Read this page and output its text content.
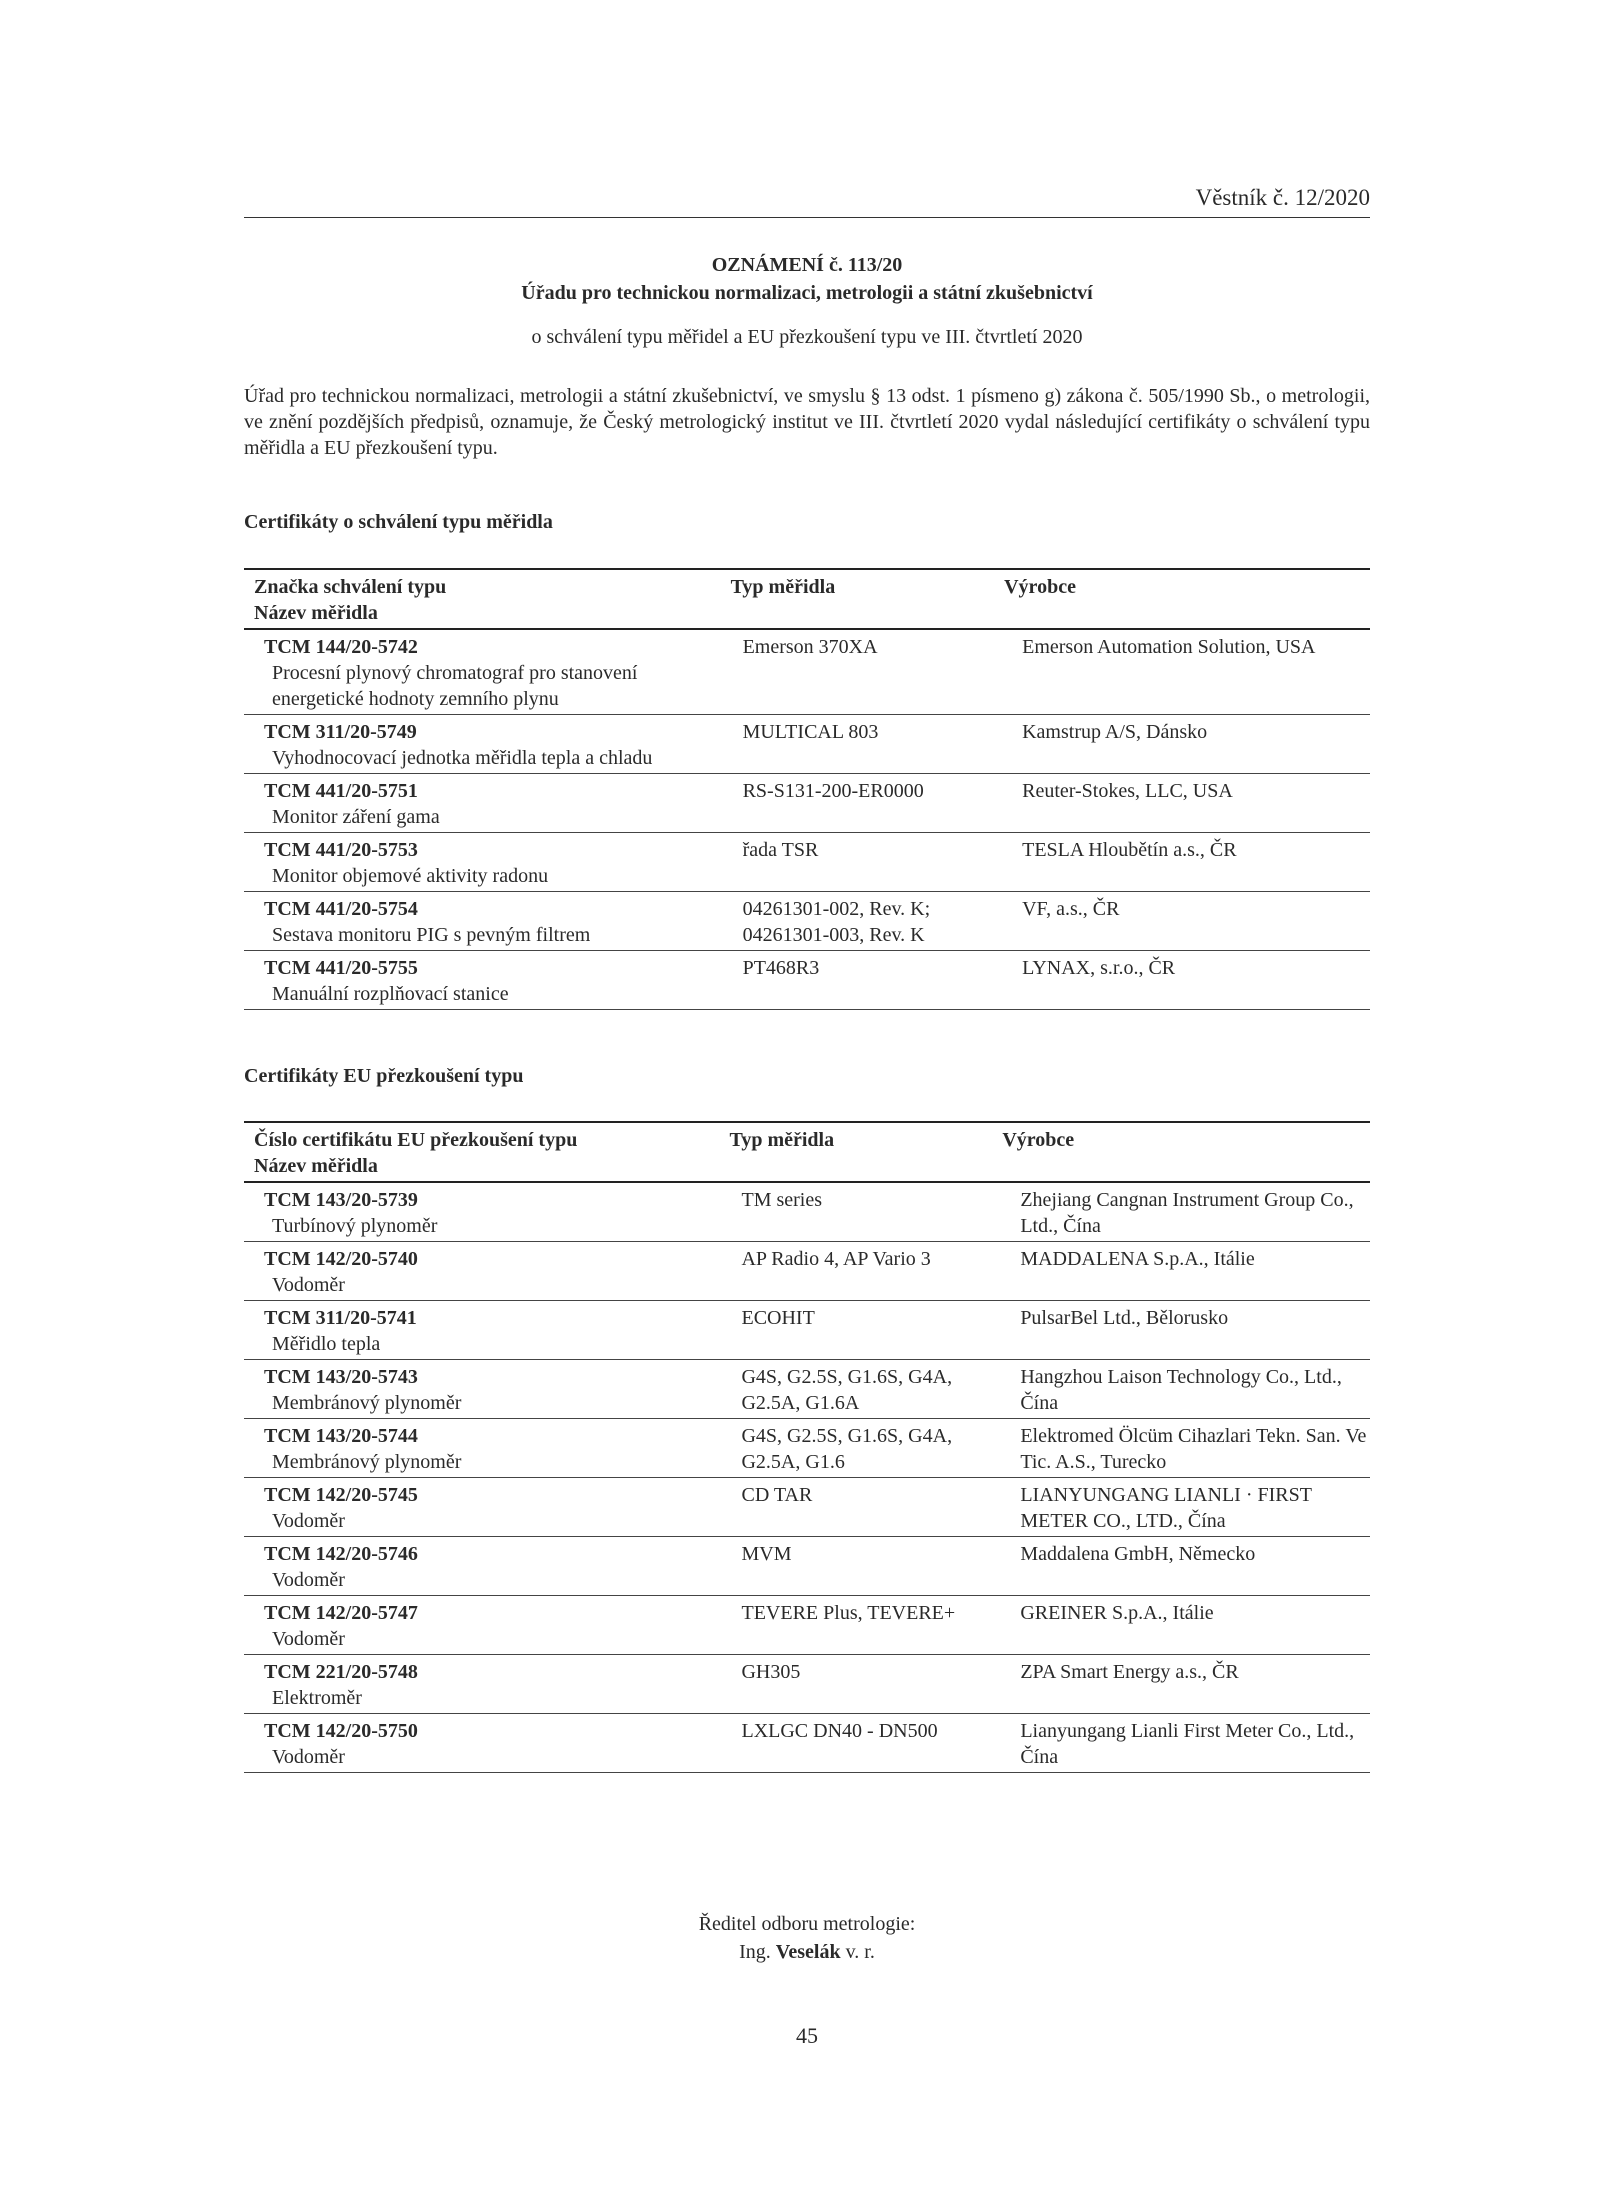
Věstník č. 12/2020
OZNÁMENÍ č. 113/20
Úřadu pro technickou normalizaci, metrologii a státní zkušebnictví
o schválení typu měřidel a EU přezkoušení typu ve III. čtvrtletí 2020
Úřad pro technickou normalizaci, metrologii a státní zkušebnictví, ve smyslu § 13 odst. 1 písmeno g) zákona č. 505/1990 Sb., o metrologii, ve znění pozdějších předpisů, oznamuje, že Český metrologický institut ve III. čtvrtletí 2020 vydal následující certifikáty o schválení typu měřidla a EU přezkoušení typu.
Certifikáty o schválení typu měřidla
Značka schválení typu
Název měřidla	Typ měřidla	Výrobce

TCM 144/20-5742
Procesní plynový chromatograf pro stanovení energetické hodnoty zemního plynu	Emerson 370XA	Emerson Automation Solution, USA

TCM 311/20-5749
Vyhodnocovací jednotka měřidla tepla a chladu	MULTICAL 803	Kamstrup A/S, Dánsko

TCM 441/20-5751
Monitor záření gama	RS-S131-200-ER0000	Reuter-Stokes, LLC, USA

TCM 441/20-5753
Monitor objemové aktivity radonu	řada TSR	TESLA Hloubětín a.s., ČR

TCM 441/20-5754
Sestava monitoru PIG s pevným filtrem	04261301-002, Rev. K; 04261301-003, Rev. K	VF, a.s., ČR

TCM 441/20-5755
Manuální rozplňovací stanice	PT468R3	LYNAX, s.r.o., ČR
Certifikáty EU přezkoušení typu
Číslo certifikátu EU přezkoušení typu
Název měřidla	Typ měřidla	Výrobce

TCM 143/20-5739
Turbínový plynoměr	TM series	Zhejiang Cangnan Instrument Group Co., Ltd., Čína

TCM 142/20-5740
Vodoměr	AP Radio 4, AP Vario 3	MADDALENA S.p.A., Itálie

TCM 311/20-5741
Měřidlo tepla	ECOHIT	PulsarBel Ltd., Bělorusko

TCM 143/20-5743
Membránový plynoměr	G4S, G2.5S, G1.6S, G4A, G2.5A, G1.6A	Hangzhou Laison Technology Co., Ltd., Čína

TCM 143/20-5744
Membránový plynoměr	G4S, G2.5S, G1.6S, G4A, G2.5A, G1.6	Elektromed Ölcüm Cihazlari Tekn. San. Ve Tic. A.S., Turecko

TCM 142/20-5745
Vodoměr	CD TAR	LIANYUNGANG LIANLI · FIRST METER CO., LTD., Čína

TCM 142/20-5746
Vodoměr	MVM	Maddalena GmbH, Německo

TCM 142/20-5747
Vodoměr	TEVERE Plus, TEVERE+	GREINER S.p.A., Itálie

TCM 221/20-5748
Elektroměr	GH305	ZPA Smart Energy a.s., ČR

TCM 142/20-5750
Vodoměr	LXLGC DN40 - DN500	Lianyungang Lianli First Meter Co., Ltd., Čína
Ředitel odboru metrologie:
Ing. Veselák v. r.
45
